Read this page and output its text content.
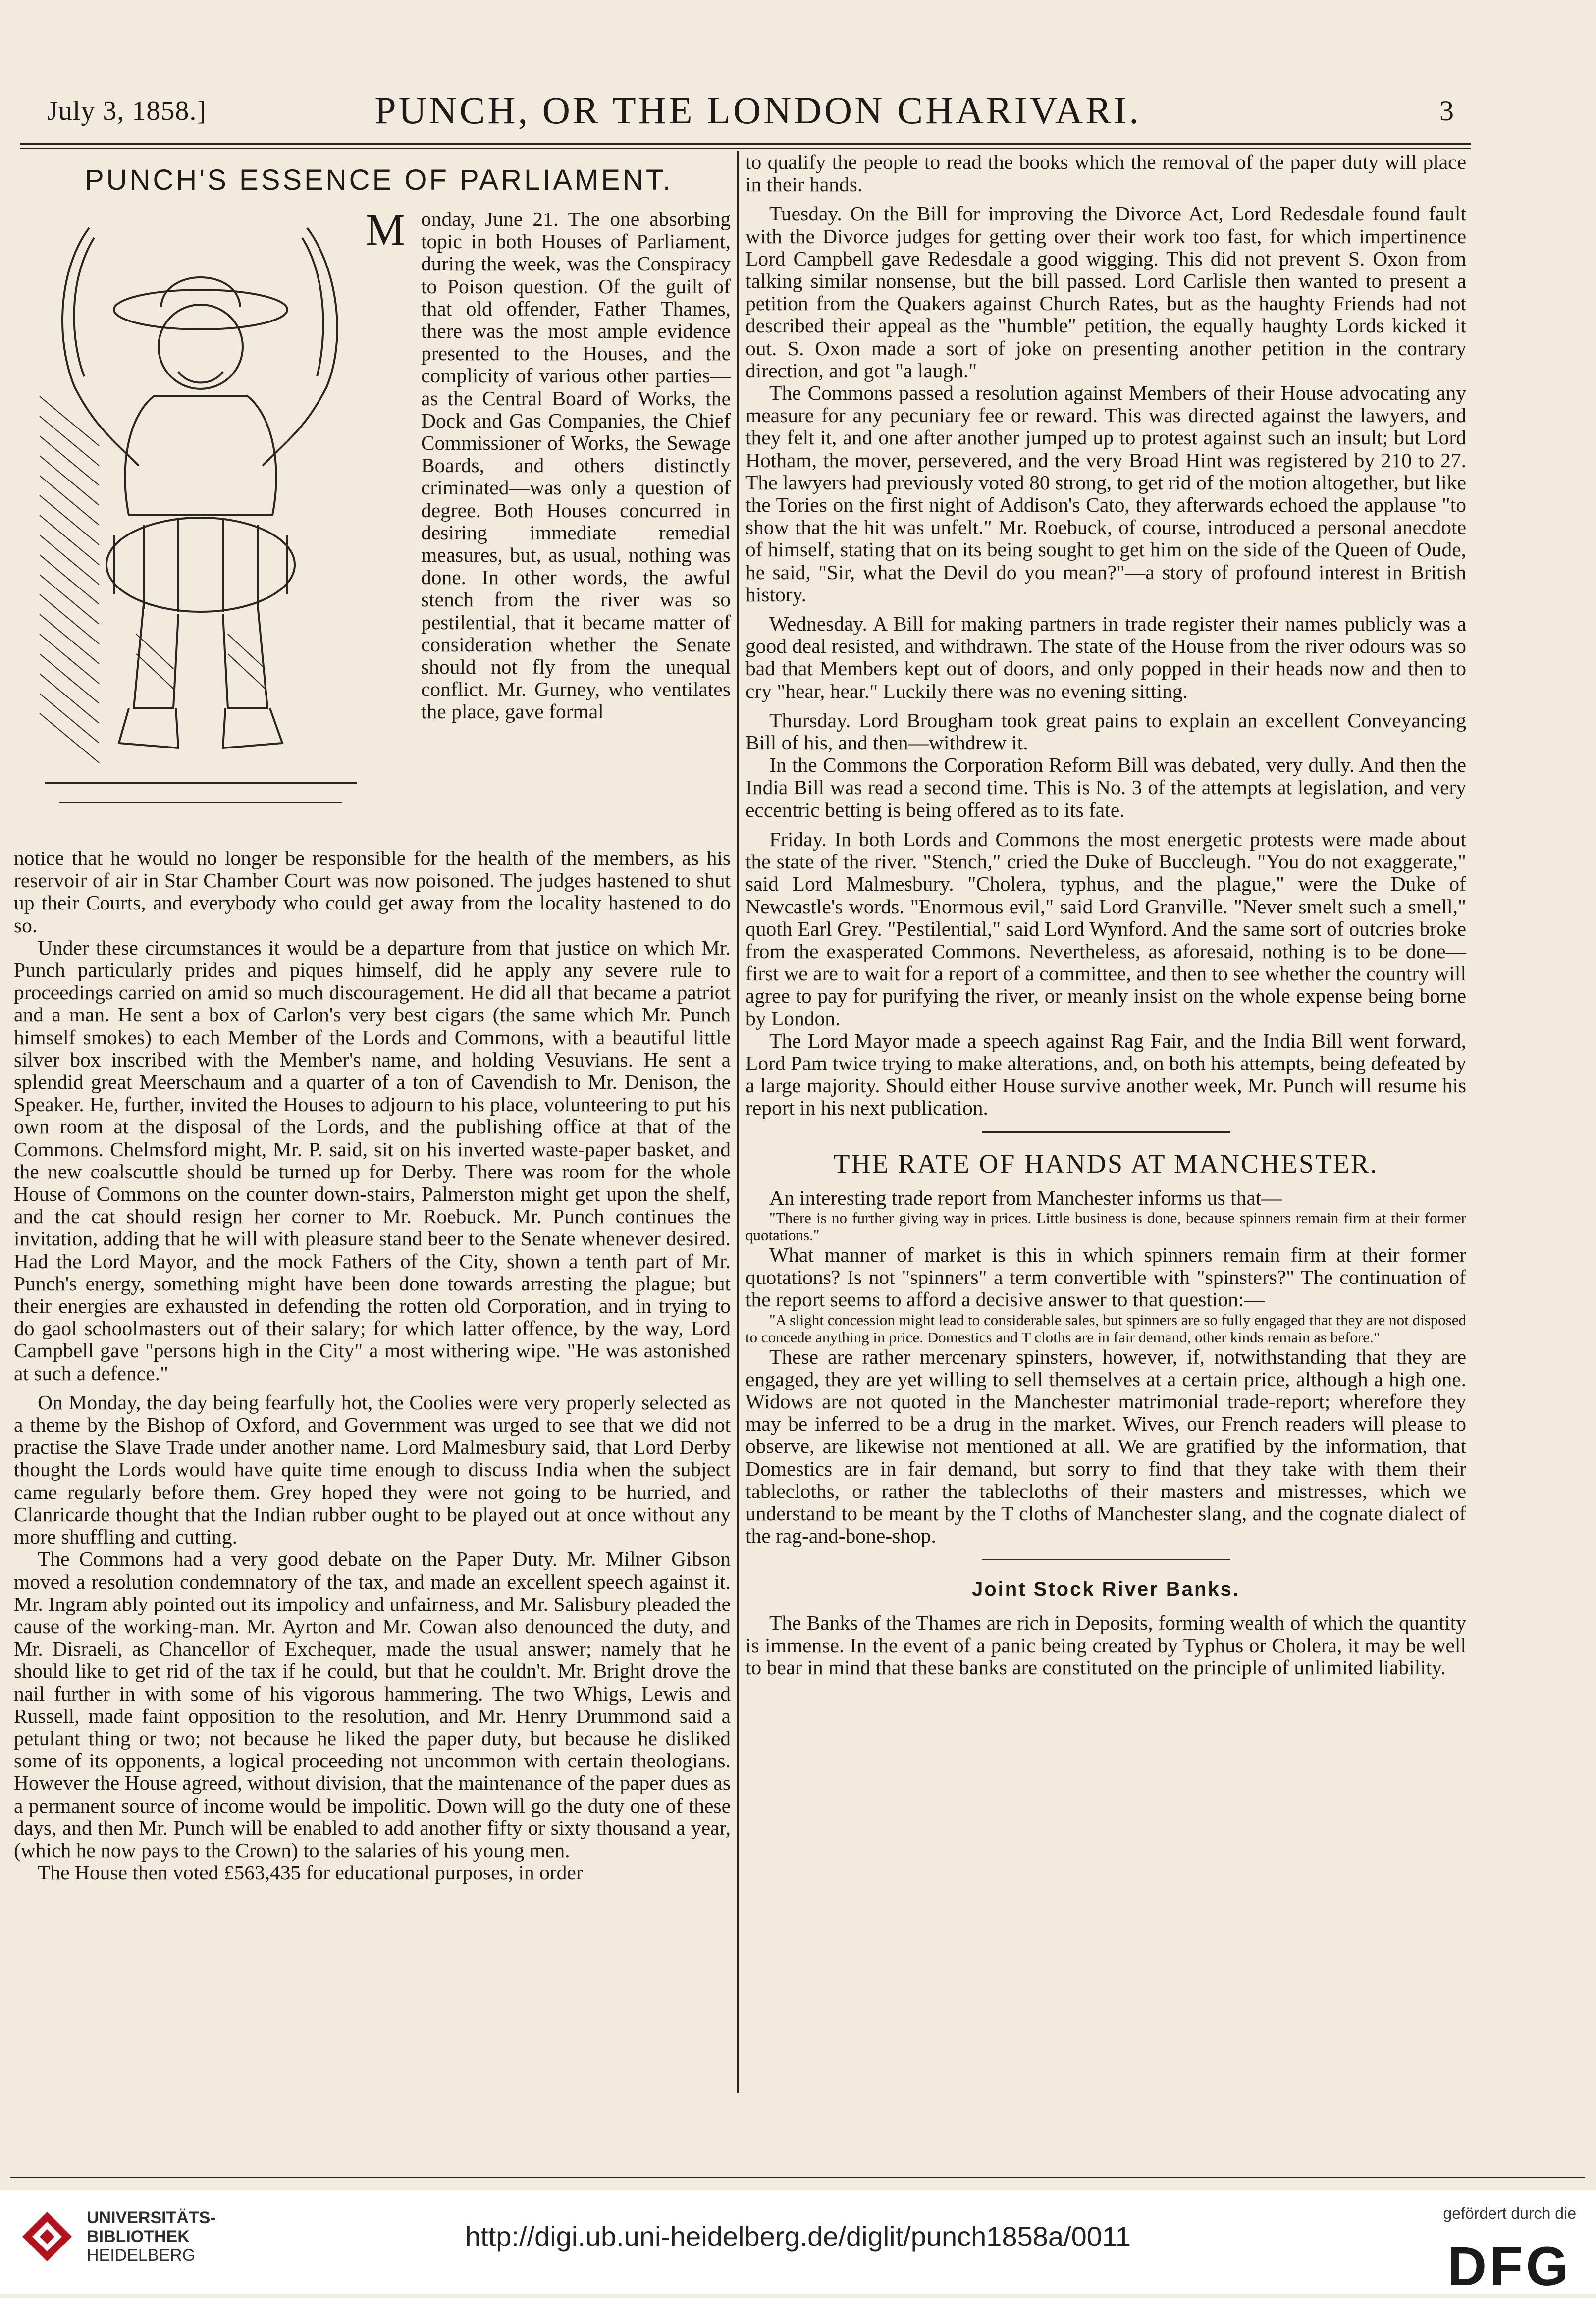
July 3, 1858.]	PUNCH, OR THE LONDON CHARIVARI.	3
PUNCH'S ESSENCE OF PARLIAMENT.
M onday, June 21. The one absorbing topic in both Houses of Parliament, during the week, was the Conspiracy to Poison question. Of the guilt of that old offender, Father Thames, there was the most ample evidence presented to the Houses, and the complicity of various other parties—as the Central Board of Works, the Dock and Gas Companies, the Chief Commissioner of Works, the Sewage Boards, and others distinctly criminated—was only a question of degree. Both Houses concurred in desiring immediate remedial measures, but, as usual, nothing was done. In other words, the awful stench from the river was so pestilential, that it became matter of consideration whether the Senate should not fly from the unequal conflict. Mr. Gurney, who ventilates the place, gave formal

notice that he would no longer be responsible for the health of the members, as his reservoir of air in Star Chamber Court was now poisoned. The judges hastened to shut up their Courts, and everybody who could get away from the locality hastened to do so.

Under these circumstances it would be a departure from that justice on which Mr. Punch particularly prides and piques himself, did he apply any severe rule to proceedings carried on amid so much discouragement. He did all that became a patriot and a man. He sent a box of Carlon's very best cigars (the same which Mr. Punch himself smokes) to each Member of the Lords and Commons, with a beautiful little silver box inscribed with the Member's name, and holding Vesuvians. He sent a splendid great Meerschaum and a quarter of a ton of Cavendish to Mr. Denison, the Speaker. He, further, invited the Houses to adjourn to his place, volunteering to put his own room at the disposal of the Lords, and the publishing office at that of the Commons. Chelmsford might, Mr. P. said, sit on his inverted waste-paper basket, and the new coalscuttle should be turned up for Derby. There was room for the whole House of Commons on the counter down-stairs, Palmerston might get upon the shelf, and the cat should resign her corner to Mr. Roebuck. Mr. Punch continues the invitation, adding that he will with pleasure stand beer to the Senate whenever desired. Had the Lord Mayor, and the mock Fathers of the City, shown a tenth part of Mr. Punch's energy, something might have been done towards arresting the plague; but their energies are exhausted in defending the rotten old Corporation, and in trying to do gaol schoolmasters out of their salary; for which latter offence, by the way, Lord Campbell gave "persons high in the City" a most withering wipe. "He was astonished at such a defence."

On Monday, the day being fearfully hot, the Coolies were very properly selected as a theme by the Bishop of Oxford, and Government was urged to see that we did not practise the Slave Trade under another name. Lord Malmesbury said, that Lord Derby thought the Lords would have quite time enough to discuss India when the subject came regularly before them. Grey hoped they were not going to be hurried, and Clanricarde thought that the Indian rubber ought to be played out at once without any more shuffling and cutting.

The Commons had a very good debate on the Paper Duty. Mr. Milner Gibson moved a resolution condemnatory of the tax, and made an excellent speech against it. Mr. Ingram ably pointed out its impolicy and unfairness, and Mr. Salisbury pleaded the cause of the working-man. Mr. Ayrton and Mr. Cowan also denounced the duty, and Mr. Disraeli, as Chancellor of Exchequer, made the usual answer; namely that he should like to get rid of the tax if he could, but that he couldn't. Mr. Bright drove the nail further in with some of his vigorous hammering. The two Whigs, Lewis and Russell, made faint opposition to the resolution, and Mr. Henry Drummond said a petulant thing or two; not because he liked the paper duty, but because he disliked some of its opponents, a logical proceeding not uncommon with certain theologians. However the House agreed, without division, that the maintenance of the paper dues as a permanent source of income would be impolitic. Down will go the duty one of these days, and then Mr. Punch will be enabled to add another fifty or sixty thousand a year, (which he now pays to the Crown) to the salaries of his young men.

The House then voted £563,435 for educational purposes, in order

to qualify the people to read the books which the removal of the paper duty will place in their hands.

Tuesday. On the Bill for improving the Divorce Act, Lord Redesdale found fault with the Divorce judges for getting over their work too fast, for which impertinence Lord Campbell gave Redesdale a good wigging. This did not prevent S. Oxon from talking similar nonsense, but the bill passed. Lord Carlisle then wanted to present a petition from the Quakers against Church Rates, but as the haughty Friends had not described their appeal as the "humble" petition, the equally haughty Lords kicked it out. S. Oxon made a sort of joke on presenting another petition in the contrary direction, and got "a laugh."

The Commons passed a resolution against Members of their House advocating any measure for any pecuniary fee or reward. This was directed against the lawyers, and they felt it, and one after another jumped up to protest against such an insult; but Lord Hotham, the mover, persevered, and the very Broad Hint was registered by 210 to 27. The lawyers had previously voted 80 strong, to get rid of the motion altogether, but like the Tories on the first night of Addison's Cato, they afterwards echoed the applause "to show that the hit was unfelt." Mr. Roebuck, of course, introduced a personal anecdote of himself, stating that on its being sought to get him on the side of the Queen of Oude, he said, "Sir, what the Devil do you mean?"—a story of profound interest in British history.

Wednesday. A Bill for making partners in trade register their names publicly was a good deal resisted, and withdrawn. The state of the House from the river odours was so bad that Members kept out of doors, and only popped in their heads now and then to cry "hear, hear." Luckily there was no evening sitting.

Thursday. Lord Brougham took great pains to explain an excellent Conveyancing Bill of his, and then—withdrew it.

In the Commons the Corporation Reform Bill was debated, very dully. And then the India Bill was read a second time. This is No. 3 of the attempts at legislation, and very eccentric betting is being offered as to its fate.

Friday. In both Lords and Commons the most energetic protests were made about the state of the river. "Stench," cried the Duke of Buccleugh. "You do not exaggerate," said Lord Malmesbury. "Cholera, typhus, and the plague," were the Duke of Newcastle's words. "Enormous evil," said Lord Granville. "Never smelt such a smell," quoth Earl Grey. "Pestilential," said Lord Wynford. And the same sort of outcries broke from the exasperated Commons. Nevertheless, as aforesaid, nothing is to be done—first we are to wait for a report of a committee, and then to see whether the country will agree to pay for purifying the river, or meanly insist on the whole expense being borne by London.

The Lord Mayor made a speech against Rag Fair, and the India Bill went forward, Lord Pam twice trying to make alterations, and, on both his attempts, being defeated by a large majority. Should either House survive another week, Mr. Punch will resume his report in his next publication.

THE RATE OF HANDS AT MANCHESTER.

An interesting trade report from Manchester informs us that—

"There is no further giving way in prices. Little business is done, because spinners remain firm at their former quotations."

What manner of market is this in which spinners remain firm at their former quotations? Is not "spinners" a term convertible with "spinsters?" The continuation of the report seems to afford a decisive answer to that question:—

"A slight concession might lead to considerable sales, but spinners are so fully engaged that they are not disposed to concede anything in price. Domestics and T cloths are in fair demand, other kinds remain as before."

These are rather mercenary spinsters, however, if, notwithstanding that they are engaged, they are yet willing to sell themselves at a certain price, although a high one. Widows are not quoted in the Manchester matrimonial trade-report; wherefore they may be inferred to be a drug in the market. Wives, our French readers will please to observe, are likewise not mentioned at all. We are gratified by the information, that Domestics are in fair demand, but sorry to find that they take with them their tablecloths, or rather the tablecloths of their masters and mistresses, which we understand to be meant by the T cloths of Manchester slang, and the cognate dialect of the rag-and-bone-shop.

Joint Stock River Banks.

The Banks of the Thames are rich in Deposits, forming wealth of which the quantity is immense. In the event of a panic being created by Typhus or Cholera, it may be well to bear in mind that these banks are constituted on the principle of unlimited liability.

UNIVERSITÄTS-
BIBLIOTHEK
HEIDELBERG
http://digi.ub.uni-heidelberg.de/diglit/punch1858a/0011
gefördert durch die
DFG
